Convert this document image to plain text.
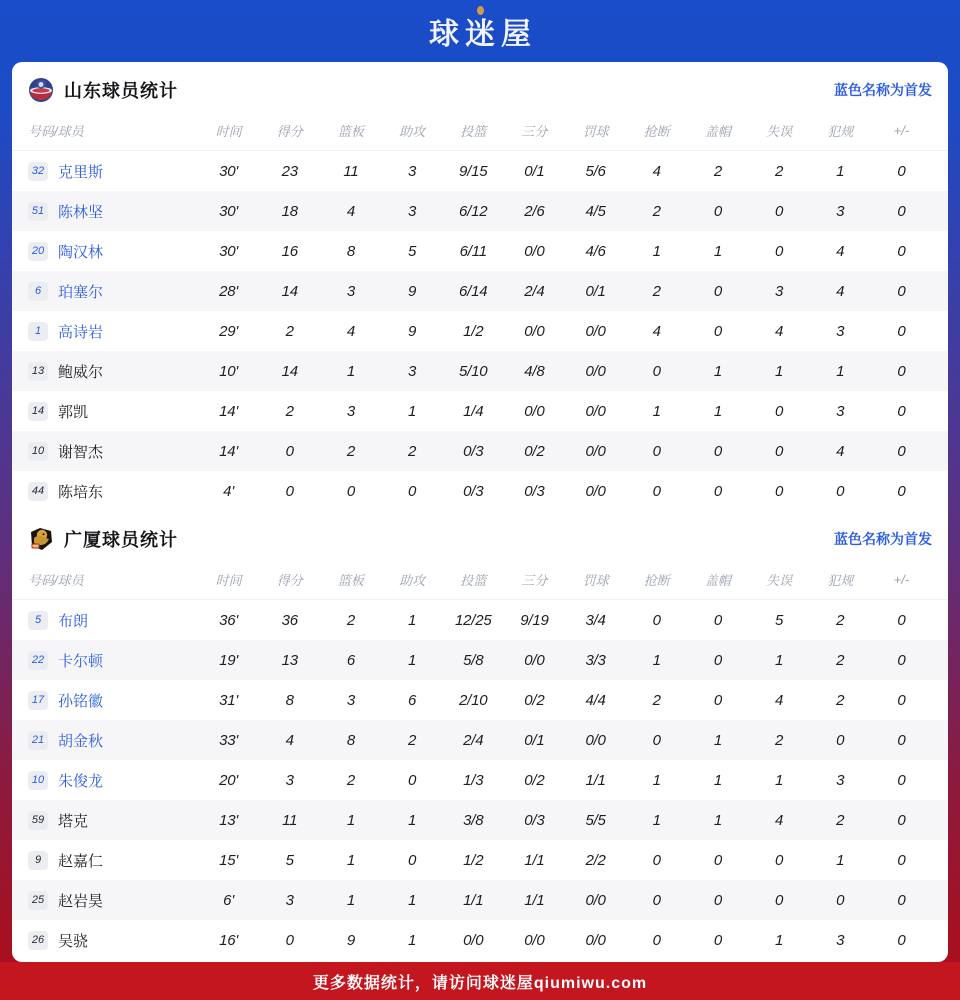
球迷屋
山东球员统计	蓝色名称为首发
号码/球员	时间	得分	篮板	助攻	投篮	三分	罚球	抢断	盖帽	失误	犯规	+/-
32 克里斯	30'	23	11	3	9/15	0/1	5/6	4	2	2	1	0
51 陈林坚	30'	18	4	3	6/12	2/6	4/5	2	0	0	3	0
20 陶汉林	30'	16	8	5	6/11	0/0	4/6	1	1	0	4	0
6	珀塞尔	28'	14	3	9	6/14	2/4	0/1	2	0	3	4	0
1	高诗岩	29'	2	4	9	1/2	0/0	0/0	4	0	4	3	0
13 鲍威尔	10'	14	1	3	5/10	4/8	0/0	0	1	1	1	0
14 郭凯	14'	2	3	1	1/4	0/0	0/0	1	1	0	3	0
10 谢智杰	14'	0	2	2	0/3	0/2	0/0	0	0	0	4	0
44 陈培东	4'	0	0	0	0/3	0/3	0/0	0	0	0	0	0
广厦球员统计	蓝色名称为首发
号码/球员	时间	得分	篮板	助攻	投篮	三分	罚球	抢断	盖帽	失误	犯规	+/-
5	布朗	36'	36	2	1	12/25	9/19	3/4	0	0	5	2	0
22 卡尔顿	19'	13	6	1	5/8	0/0	3/3	1	0	1	2	0
17 孙铭徽	31'	8	3	6	2/10	0/2	4/4	2	0	4	2	0
21 胡金秋	33'	4	8	2	2/4	0/1	0/0	0	1	2	0	0
10 朱俊龙	20'	3	2	0	1/3	0/2	1/1	1	1	1	3	0
59 塔克	13'	11	1	1	3/8	0/3	5/5	1	1	4	2	0
9	赵嘉仁	15'	5	1	0	1/2	1/1	2/2	0	0	0	1	0
25 赵岩昊	6'	3	1	1	1/1	1/1	0/0	0	0	0	0	0
26 吴骁	16'	0	9	1	0/0	0/0	0/0	0	0	1	3	0
更多数据统计，请访问球迷屋qiumiwu.com
